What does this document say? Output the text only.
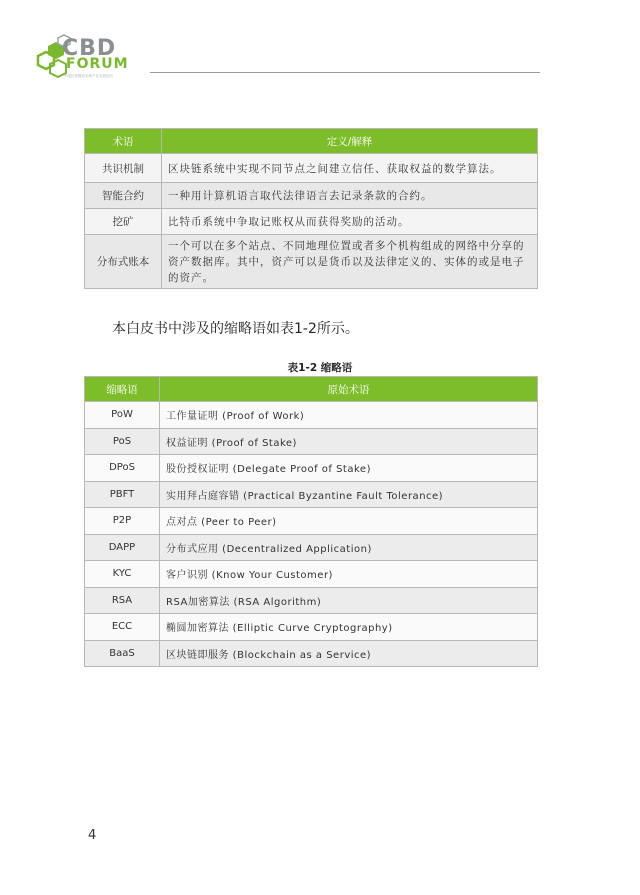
CBD
FORUM
中国区块链技术和产业发展论坛
术语	定义/解释
共识机制	区块链系统中实现不同节点之间建立信任、获取权益的数学算法。
智能合约	一种用计算机语言取代法律语言去记录条款的合约。
挖矿	比特币系统中争取记账权从而获得奖励的活动。
分布式账本	一个可以在多个站点、不同地理位置或者多个机构组成的网络中分享的资产数据库。其中，资产可以是货币以及法律定义的、实体的或是电子的资产。
本白皮书中涉及的缩略语如表1-2所示。
表1-2 缩略语
缩略语	原始术语
PoW	工作量证明 (Proof of Work)
PoS	权益证明 (Proof of Stake)
DPoS	股份授权证明 (Delegate Proof of Stake)
PBFT	实用拜占庭容错 (Practical Byzantine Fault Tolerance)
P2P	点对点 (Peer to Peer)
DAPP	分布式应用 (Decentralized Application)
KYC	客户识别 (Know Your Customer)
RSA	RSA加密算法 (RSA Algorithm)
ECC	椭圆加密算法 (Elliptic Curve Cryptography)
BaaS	区块链即服务 (Blockchain as a Service)
4
